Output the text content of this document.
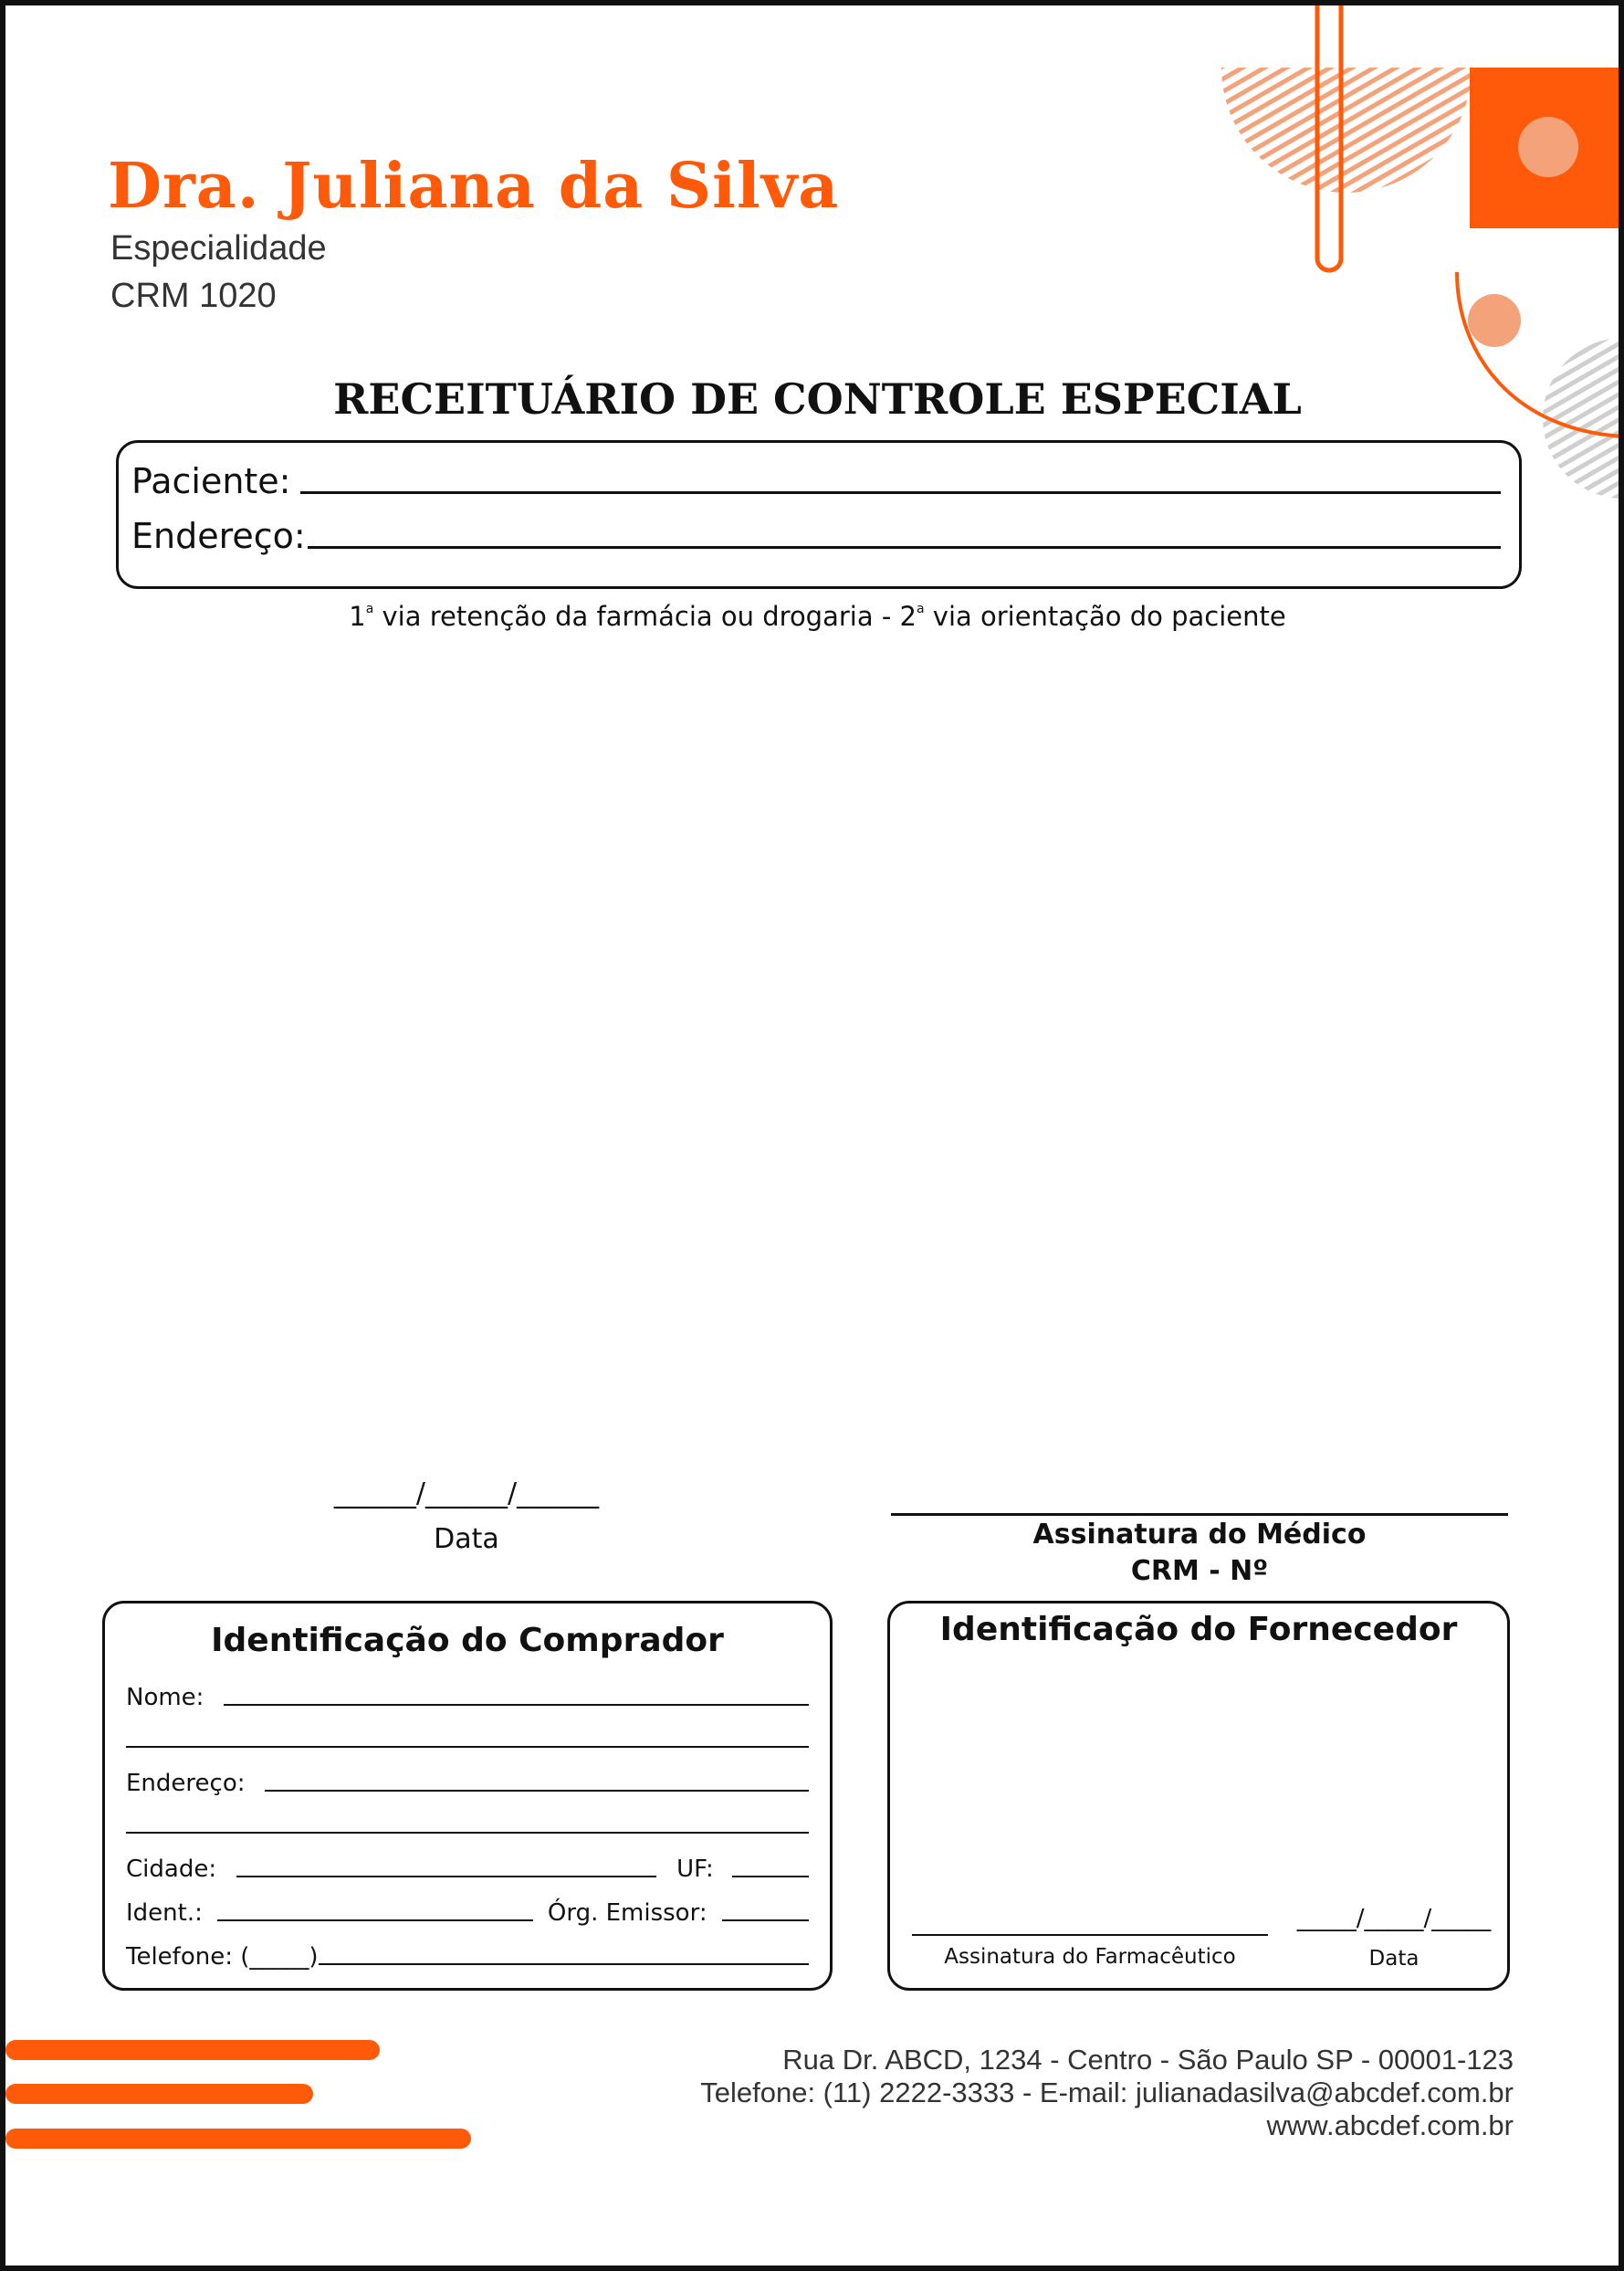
Dra. Juliana da Silva
Especialidade
CRM 1020
RECEITUÁRIO DE CONTROLE ESPECIAL
Paciente:
Endereço:
1$^a$ via retenção da farmácia ou drogaria - 2$^a$ via orientação do paciente
______/______/______
Data	Assinatura do Médico
CRM - Nº
Identificação do Comprador
Nome:
Endereço:
Cidade:	UF:
Ident.:	Órg. Emissor:
Telefone: (_____)
Identificação do Fornecedor
Assinatura do Farmacêutico
_____/_____/_____
Data
Rua Dr. ABCD, 1234 - Centro - São Paulo SP - 00001-123
Telefone: (11) 2222-3333 - E-mail: julianadasilva@abcdef.com.br
www.abcdef.com.br
